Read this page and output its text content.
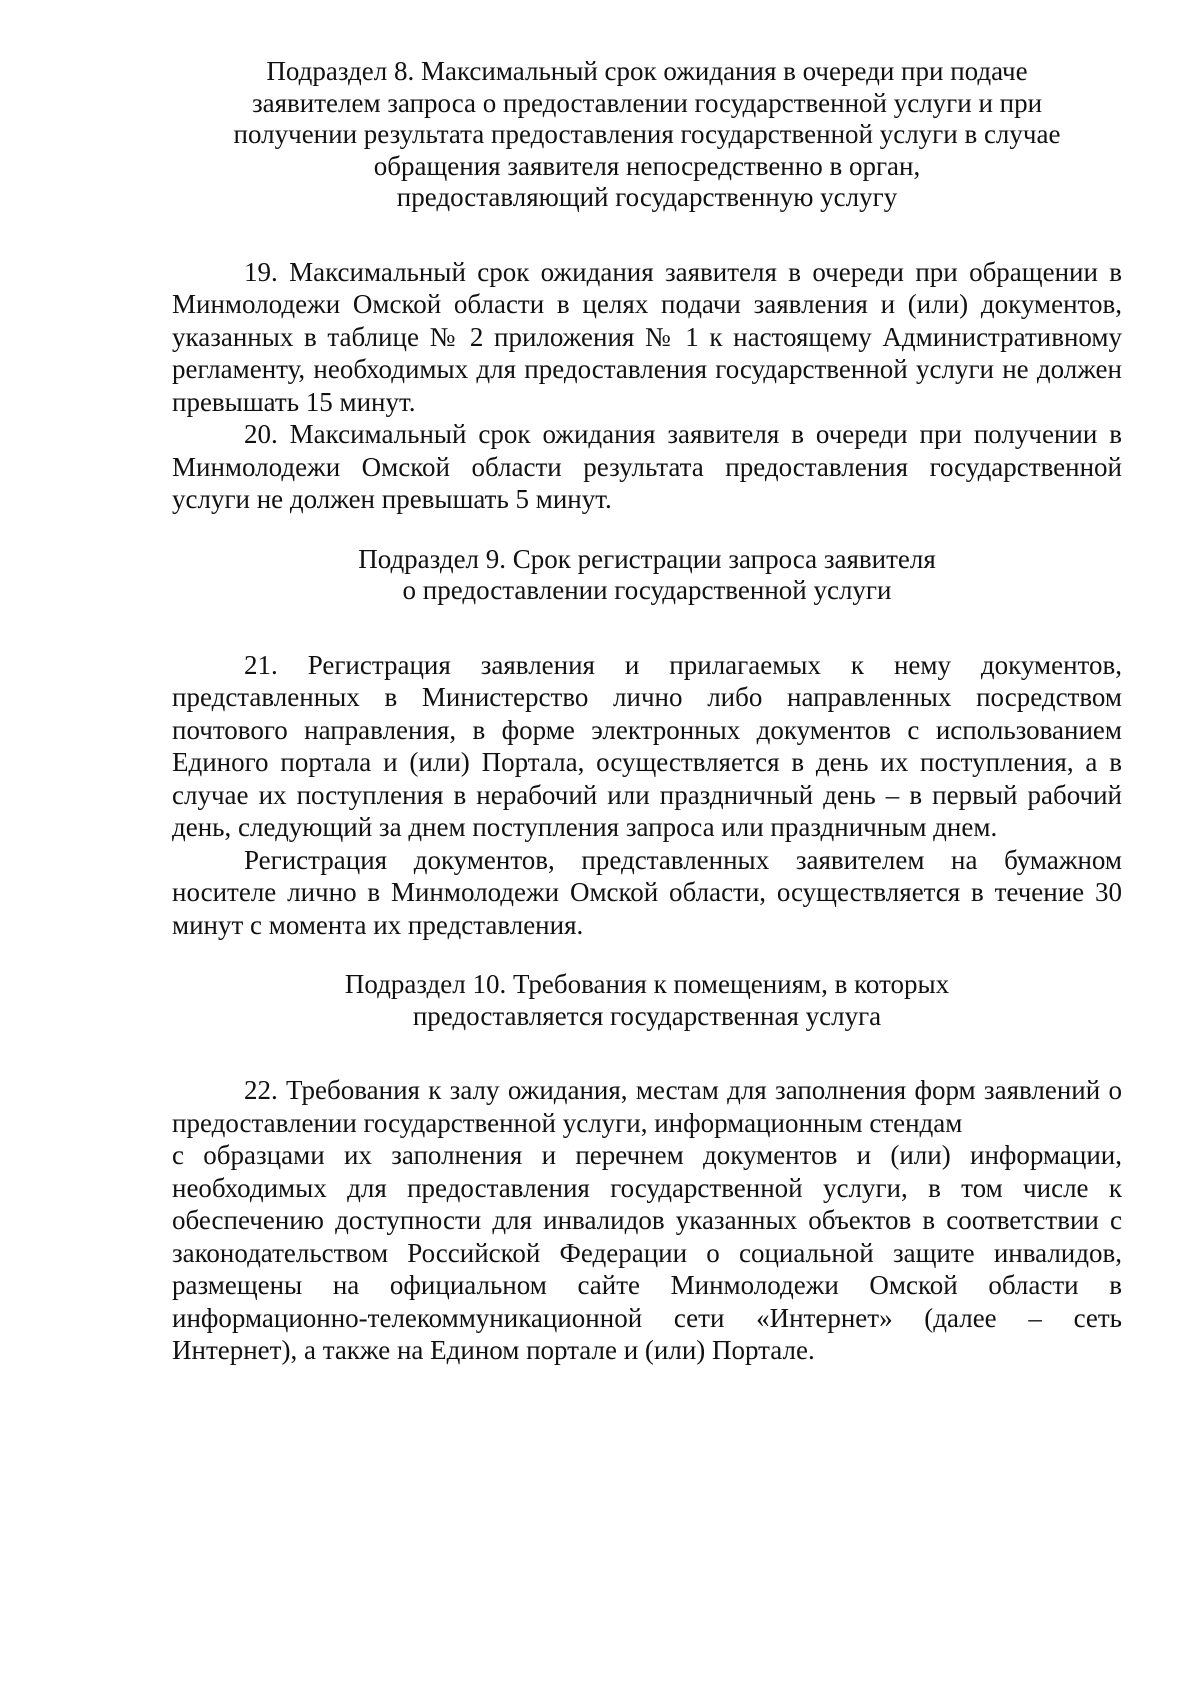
Подраздел 8. Максимальный срок ожидания в очереди при подаче
заявителем запроса о предоставлении государственной услуги и при
получении результата предоставления государственной услуги в случае
обращения заявителя непосредственно в орган,
предоставляющий государственную услугу

19. Максимальный срок ожидания заявителя в очереди при обращении в Минмолодежи Омской области в целях подачи заявления и (или) документов, указанных в таблице № 2 приложения № 1 к настоящему Административному регламенту, необходимых для предоставления государственной услуги не должен превышать 15 минут.

20. Максимальный срок ожидания заявителя в очереди при получении в Минмолодежи Омской области результата предоставления государственной услуги не должен превышать 5 минут.

Подраздел 9. Срок регистрации запроса заявителя
о предоставлении государственной услуги

21. Регистрация заявления и прилагаемых к нему документов, представленных в Министерство лично либо направленных посредством почтового направления, в форме электронных документов с использованием Единого портала и (или) Портала, осуществляется в день их поступления, а в случае их поступления в нерабочий или праздничный день – в первый рабочий день, следующий за днем поступления запроса или праздничным днем.

Регистрация документов, представленных заявителем на бумажном носителе лично в Минмолодежи Омской области, осуществляется в течение 30 минут с момента их представления.

Подраздел 10. Требования к помещениям, в которых
предоставляется государственная услуга

22. Требования к залу ожидания, местам для заполнения форм заявлений о предоставлении государственной услуги, информационным стендам

с образцами их заполнения и перечнем документов и (или) информации, необходимых для предоставления государственной услуги, в том числе к обеспечению доступности для инвалидов указанных объектов в соответствии с законодательством Российской Федерации о социальной защите инвалидов, размещены на официальном сайте Минмолодежи Омской области в информационно-телекоммуникационной сети «Интернет» (далее – сеть Интернет), а также на Едином портале и (или) Портале.
